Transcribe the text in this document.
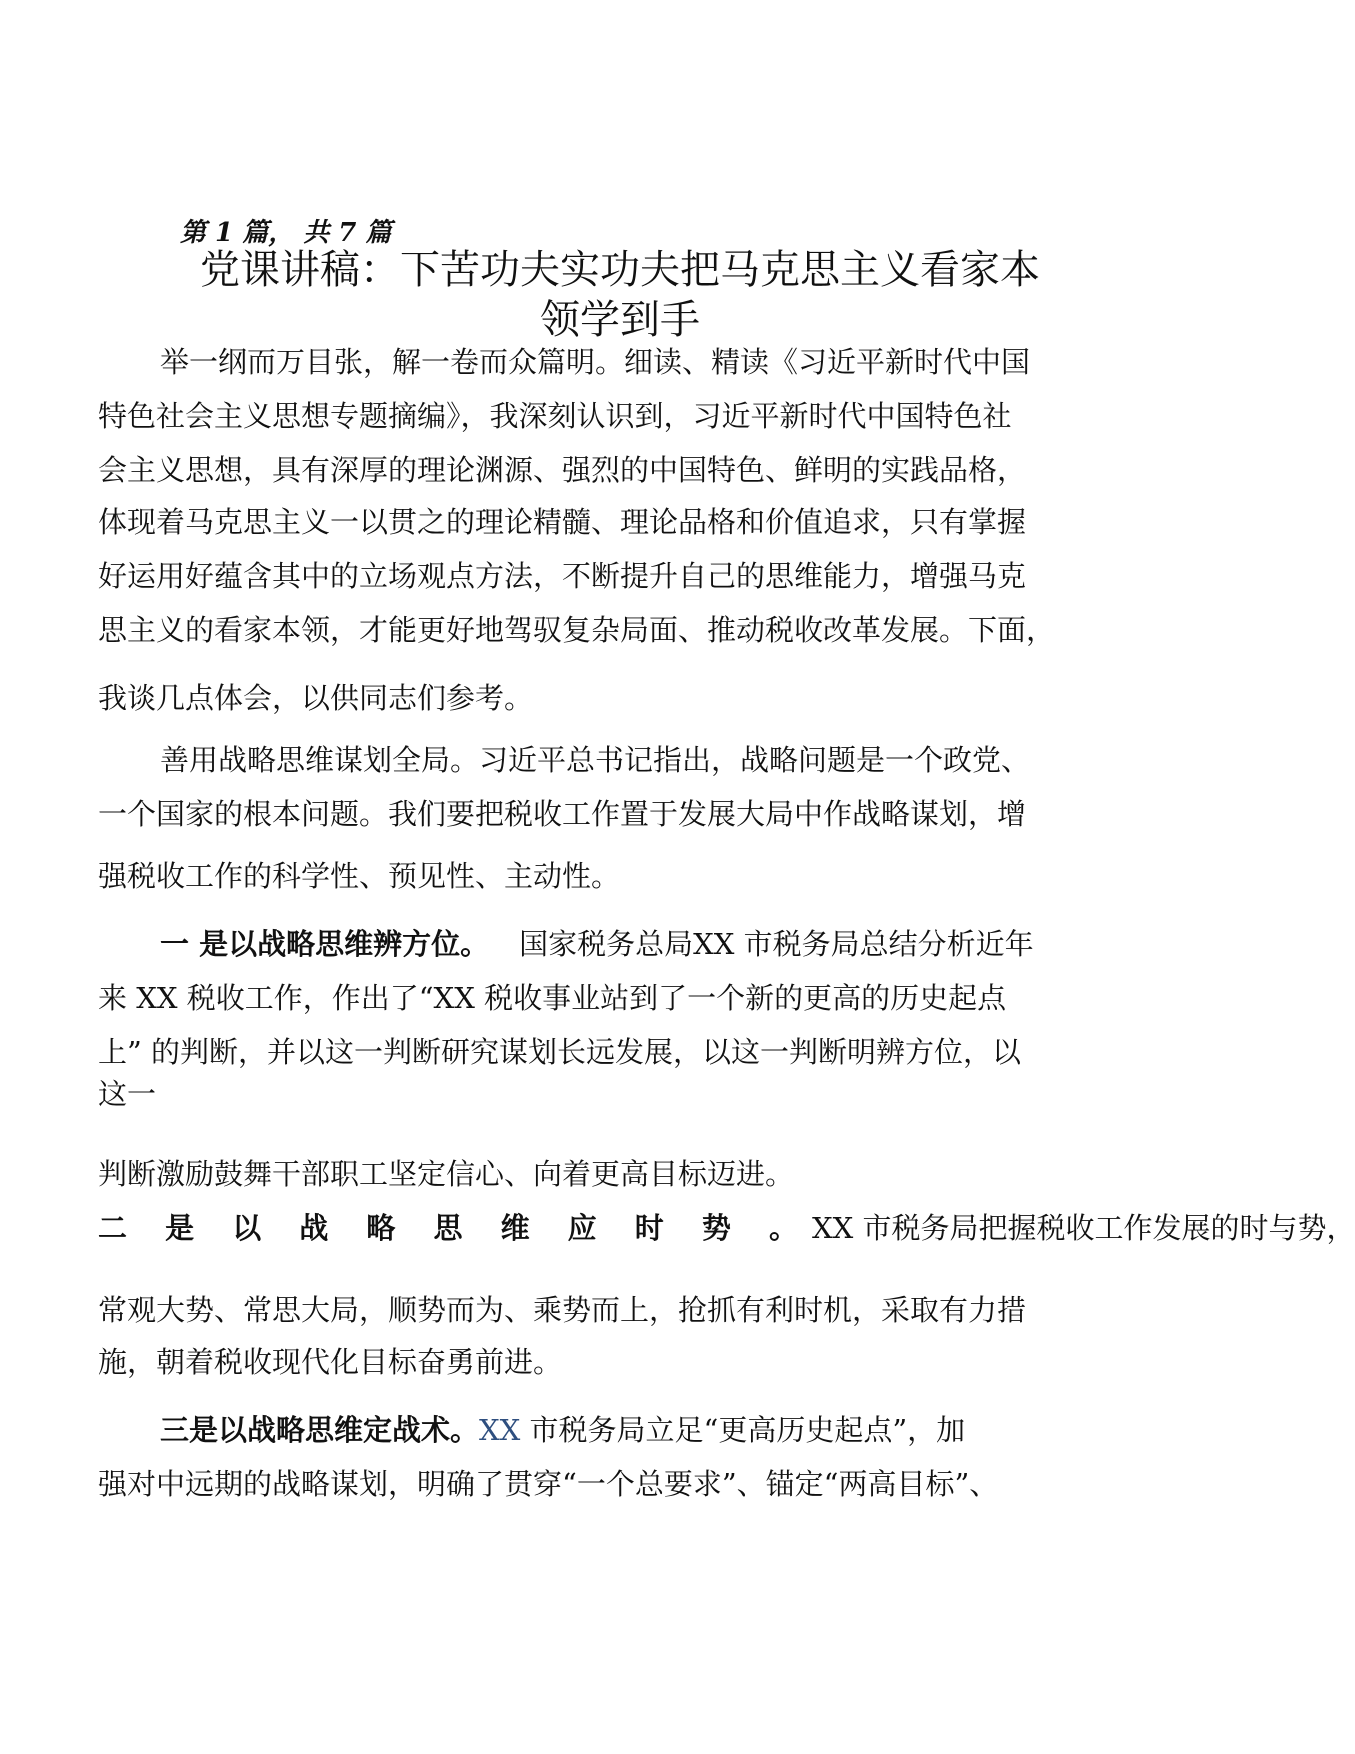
第 1 篇， 共 7 篇
党课讲稿：下苦功夫实功夫把马克思主义看家本
领学到手
举一纲而万目张，解一卷而众篇明。细读、精读《习近平新时代中国
特色社会主义思想专题摘编》，我深刻认识到，习近平新时代中国特色社
会主义思想，具有深厚的理论渊源、强烈的中国特色、鲜明的实践品格，
体现着马克思主义一以贯之的理论精髓、理论品格和价值追求，只有掌握
好运用好蕴含其中的立场观点方法，不断提升自己的思维能力，增强马克
思主义的看家本领，才能更好地驾驭复杂局面、推动税收改革发展。下面，
我谈几点体会，以供同志们参考。
善用战略思维谋划全局。习近平总书记指出，战略问题是一个政党、
一个国家的根本问题。我们要把税收工作置于发展大局中作战略谋划，增
强税收工作的科学性、预见性、主动性。
一 是以战略思维辨方位。 国家税务总局XX 市税务局总结分析近年
来 XX 税收工作，作出了“XX 税收事业站到了一个新的更高的历史起点
上” 的判断，并以这一判断研究谋划长远发展，以这一判断明辨方位，以
这一
判断激励鼓舞干部职工坚定信心、向着更高目标迈进。
二 是 以 战 略 思 维 应 时 势 。XX 市税务局把握税收工作发展的时与势，
常观大势、常思大局，顺势而为、乘势而上，抢抓有利时机，采取有力措
施，朝着税收现代化目标奋勇前进。
三是以战略思维定战术。XX 市税务局立足“更高历史起点”，加
强对中远期的战略谋划，明确了贯穿“一个总要求”、锚定“两高目标”、
